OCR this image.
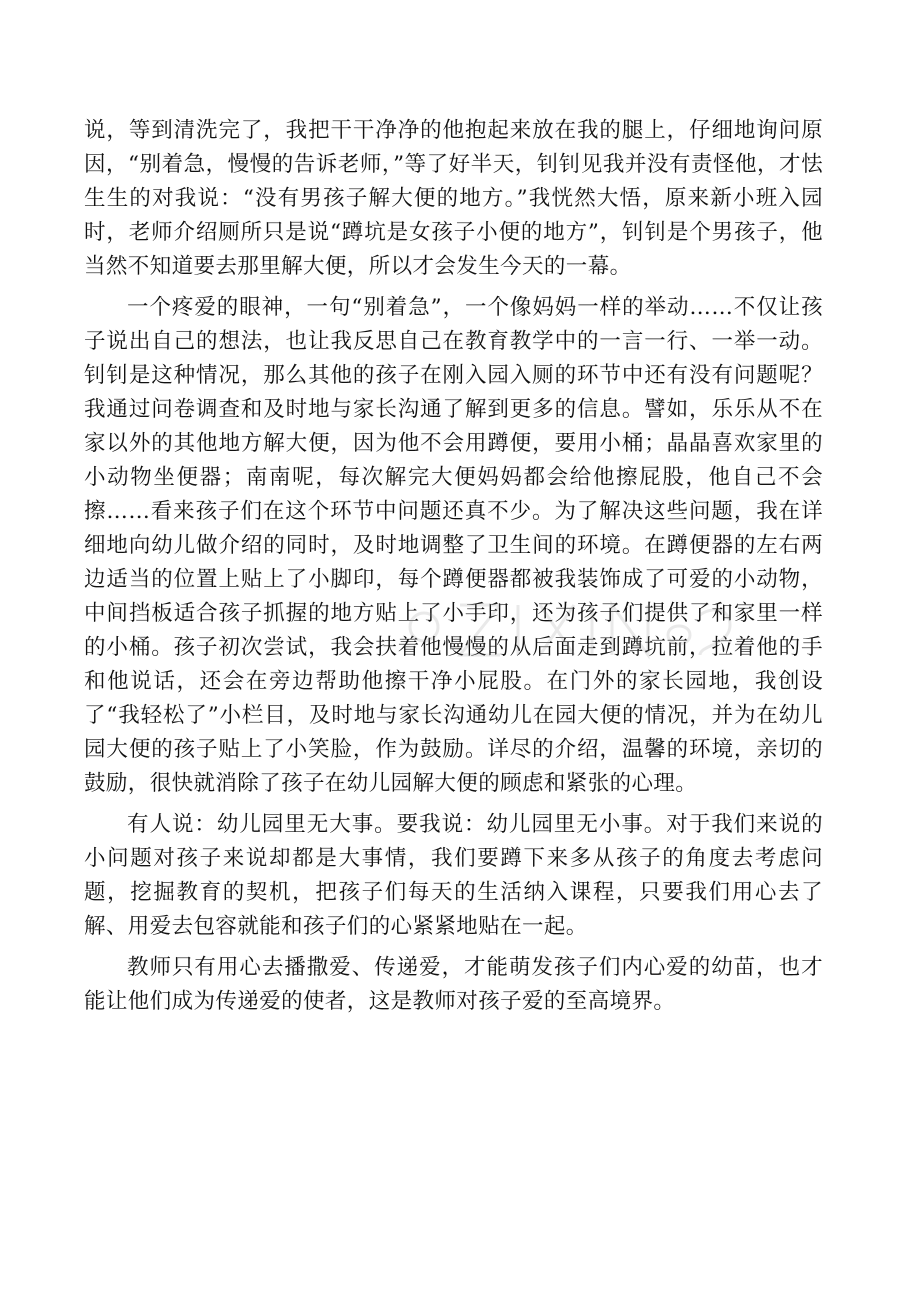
说，等到清洗完了，我把干干净净的他抱起来放在我的腿上，仔细地询问原因，“别着急，慢慢的告诉老师，”等了好半天，钊钊见我并没有责怪他，才怯生生的对我说：“没有男孩子解大便的地方。”我恍然大悟，原来新小班入园时，老师介绍厕所只是说“蹲坑是女孩子小便的地方”，钊钊是个男孩子，他当然不知道要去那里解大便，所以才会发生今天的一幕。

一个疼爱的眼神，一句“别着急”，一个像妈妈一样的举动……不仅让孩子说出自己的想法，也让我反思自己在教育教学中的一言一行、一举一动。钊钊是这种情况，那么其他的孩子在刚入园入厕的环节中还有没有问题呢？我通过问卷调查和及时地与家长沟通了解到更多的信息。譬如，乐乐从不在家以外的其他地方解大便，因为他不会用蹲便，要用小桶；晶晶喜欢家里的小动物坐便器；南南呢，每次解完大便妈妈都会给他擦屁股，他自己不会擦……看来孩子们在这个环节中问题还真不少。为了解决这些问题，我在详细地向幼儿做介绍的同时，及时地调整了卫生间的环境。在蹲便器的左右两边适当的位置上贴上了小脚印，每个蹲便器都被我装饰成了可爱的小动物，中间挡板适合孩子抓握的地方贴上了小手印，还为孩子们提供了和家里一样的小桶。孩子初次尝试，我会扶着他慢慢的从后面走到蹲坑前，拉着他的手和他说话，还会在旁边帮助他擦干净小屁股。在门外的家长园地，我创设了“我轻松了”小栏目，及时地与家长沟通幼儿在园大便的情况，并为在幼儿园大便的孩子贴上了小笑脸，作为鼓励。详尽的介绍，温馨的环境，亲切的鼓励，很快就消除了孩子在幼儿园解大便的顾虑和紧张的心理。

有人说：幼儿园里无大事。要我说：幼儿园里无小事。对于我们来说的小问题对孩子来说却都是大事情，我们要蹲下来多从孩子的角度去考虑问题，挖掘教育的契机，把孩子们每天的生活纳入课程，只要我们用心去了解、用爱去包容就能和孩子们的心紧紧地贴在一起。

教师只有用心去播撒爱、传递爱，才能萌发孩子们内心爱的幼苗，也才能让他们成为传递爱的使者，这是教师对孩子爱的至高境界。
